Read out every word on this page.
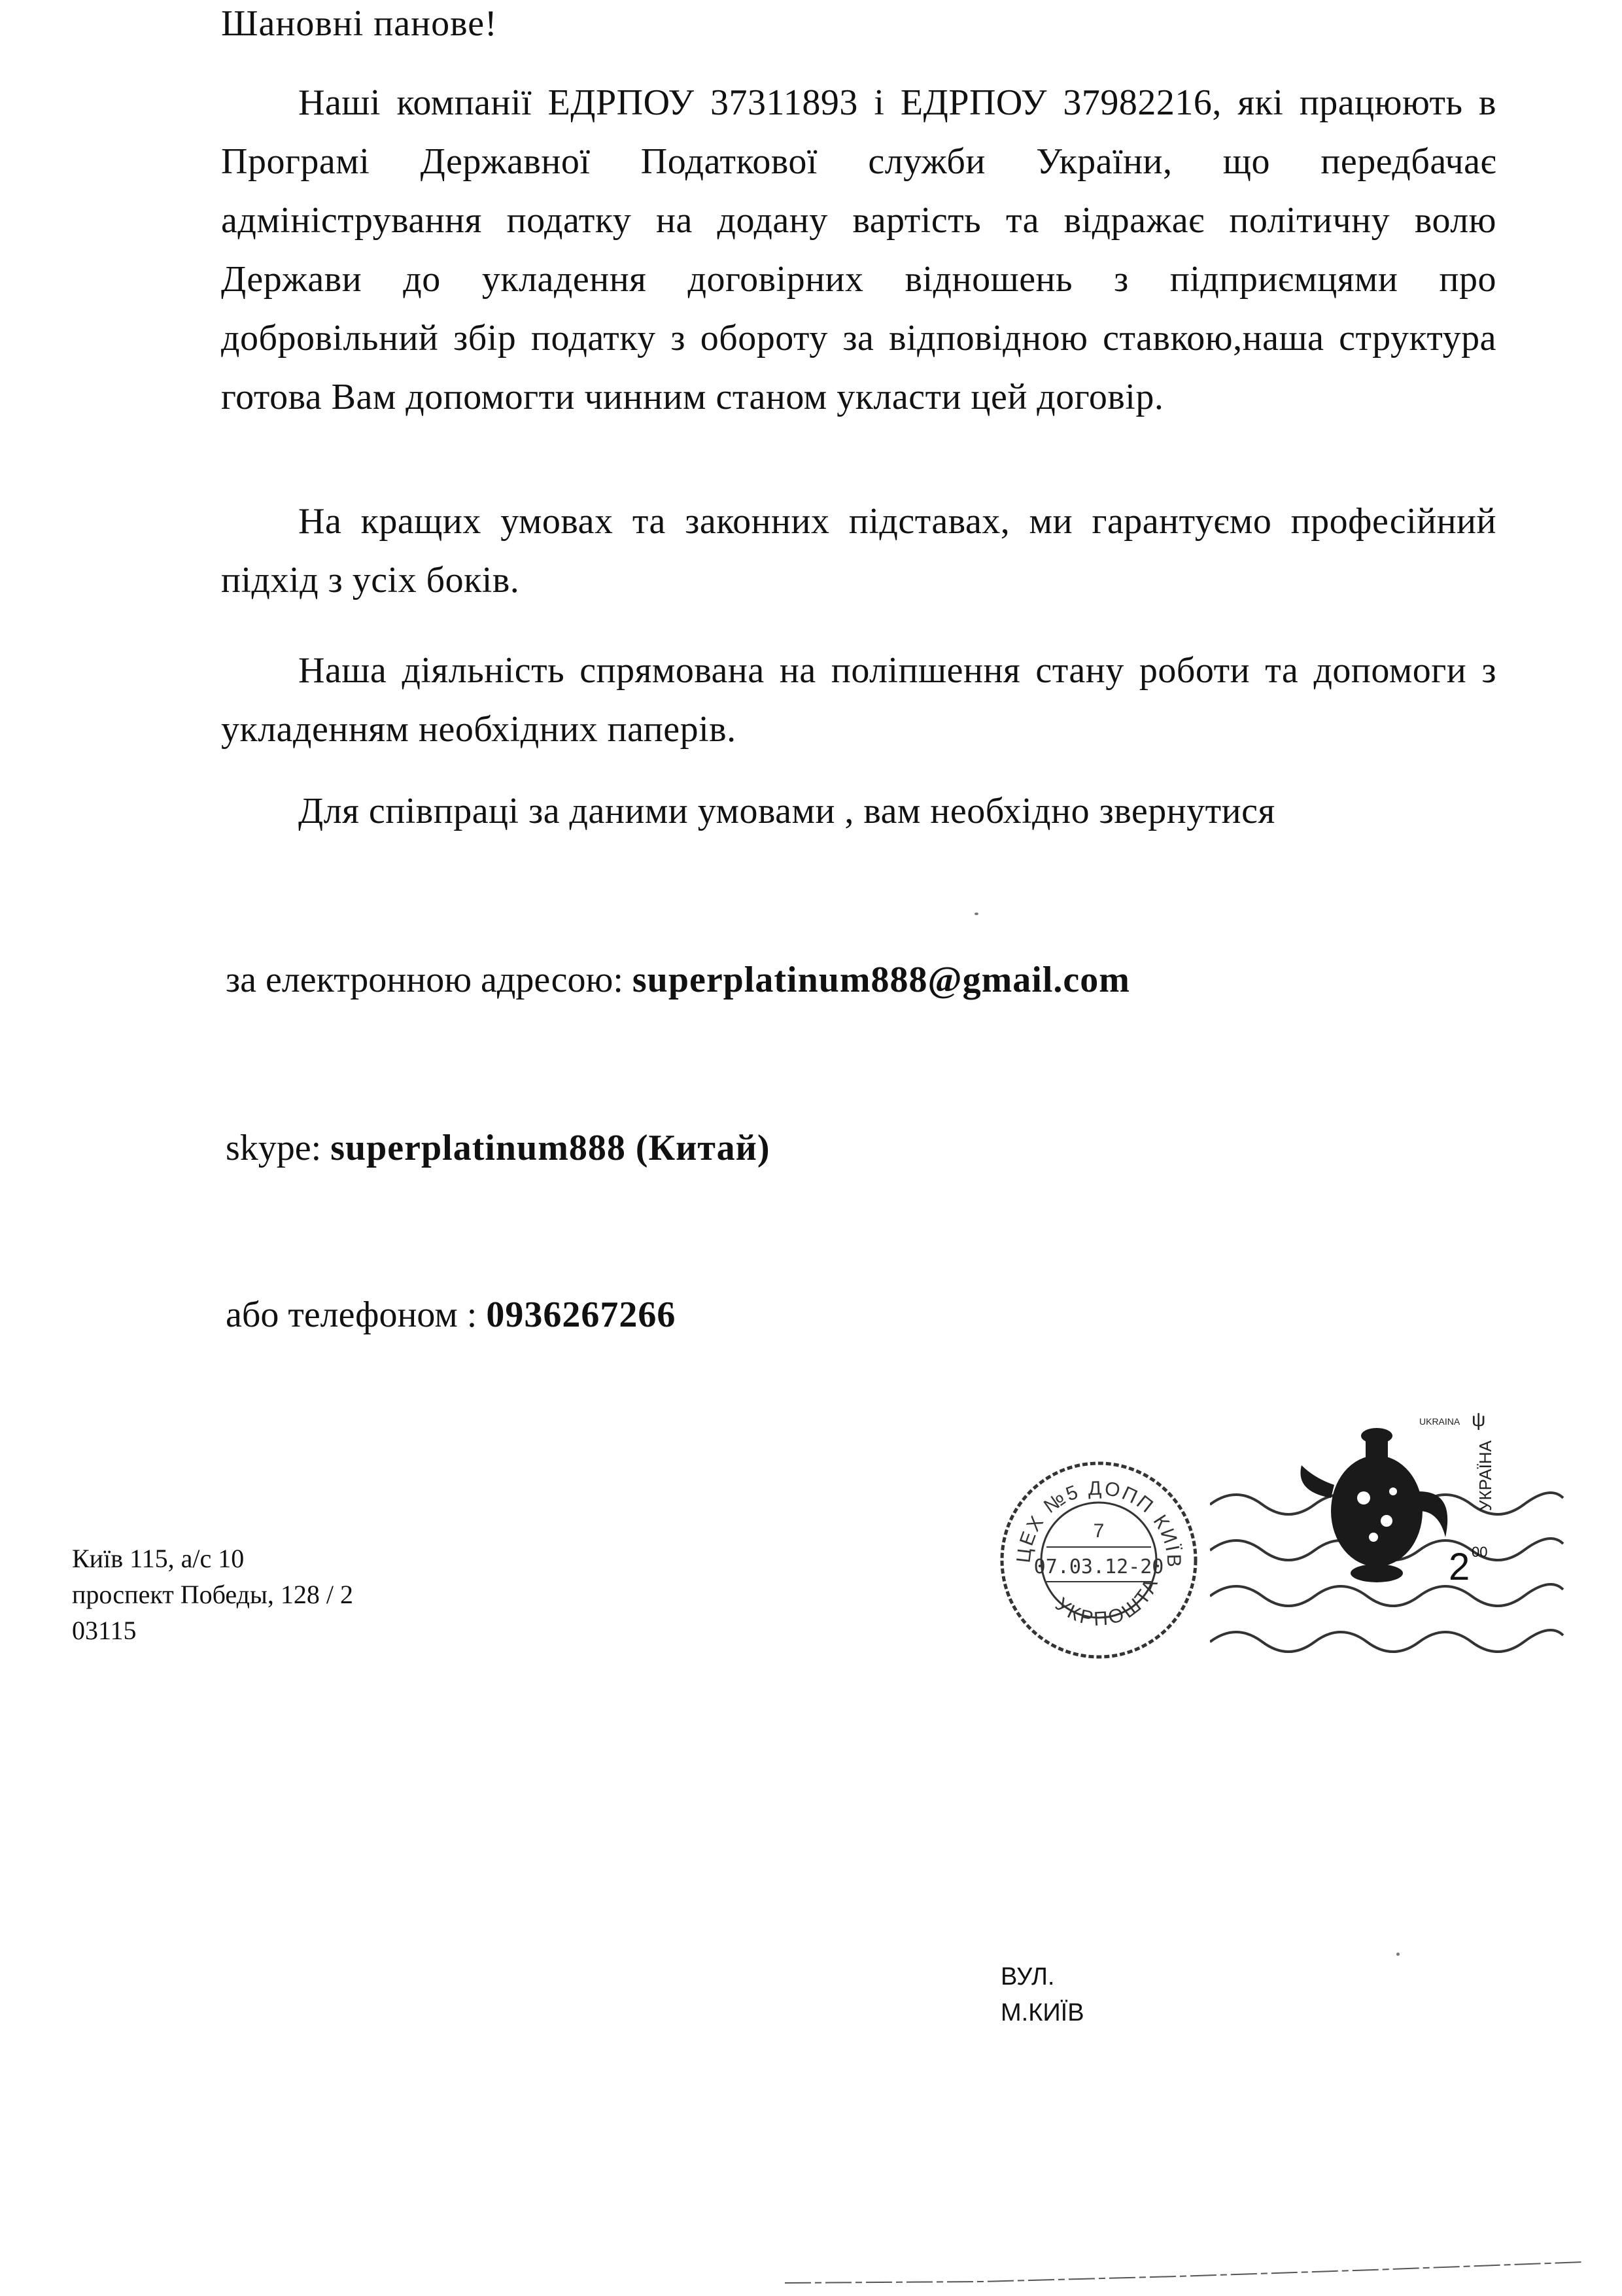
Шановні панове!
Наші компанії ЕДРПОУ 37311893 і ЕДРПОУ 37982216, які працюють в Програмі Державної Податкової служби України, що передбачає адміністрування податку на додану вартість та відражає політичну волю Держави до укладення договірних відношень з підприємцями про добровільний збір податку з обороту за відповідною ставкою,наша структура готова Вам допомогти чинним станом укласти цей договір.
На кращих умовах та законних підставах, ми гарантуємо професійний підхід з усіх боків.
Наша діяльність спрямована на поліпшення стану роботи та допомоги з укладенням необхідних паперів.
Для співпраці за даними умовами , вам необхідно звернутися
за електронною адресою: superplatinum888@gmail.com
skype: superplatinum888 (Китай)
або телефоном : 0936267266
Київ 115, а/с 10
проспект Победы, 128 / 2
03115
ЦЕХ №5 ДОПП КИЇВ
УКРПОШТА
7
07.03.12-20
UKRAINA ψ
УКРАЇНА
2 00
ВУЛ.
М.КИЇВ
